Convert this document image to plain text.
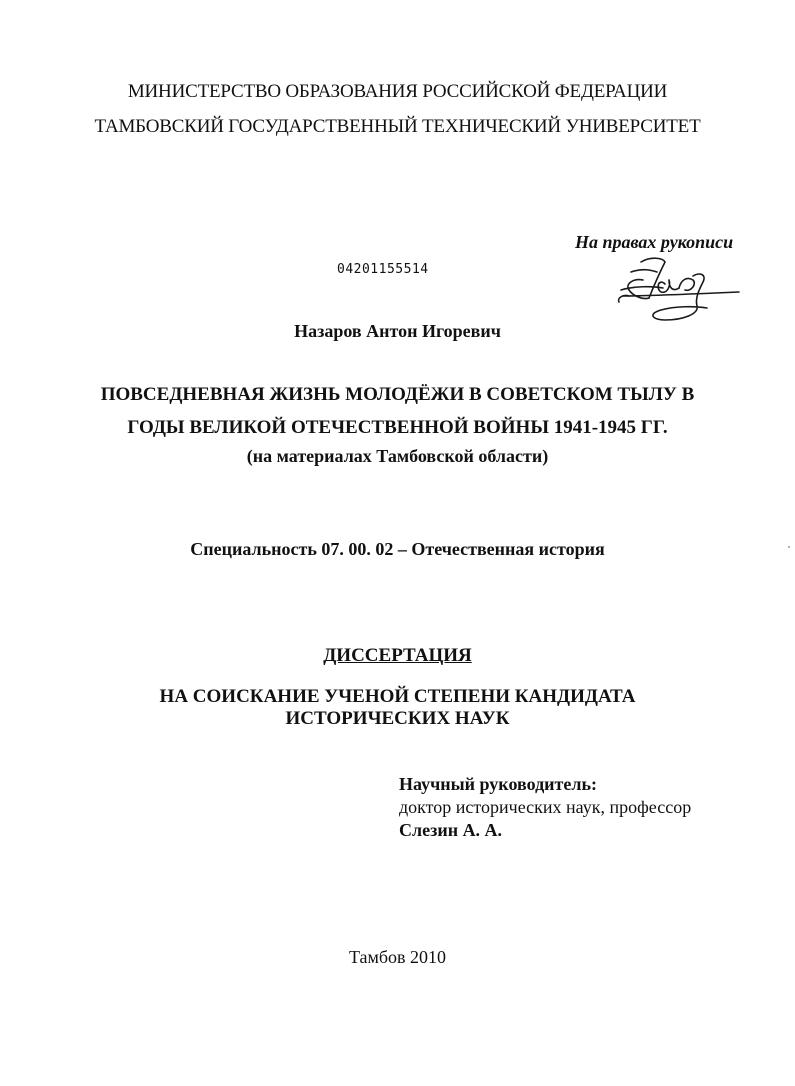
МИНИСТЕРСТВО ОБРАЗОВАНИЯ РОССИЙСКОЙ ФЕДЕРАЦИИ
ТАМБОВСКИЙ ГОСУДАРСТВЕННЫЙ ТЕХНИЧЕСКИЙ УНИВЕРСИТЕТ
На правах рукописи
04201155514
Назаров Антон Игоревич
ПОВСЕДНЕВНАЯ ЖИЗНЬ МОЛОДЁЖИ В СОВЕТСКОМ ТЫЛУ В
ГОДЫ ВЕЛИКОЙ ОТЕЧЕСТВЕННОЙ ВОЙНЫ 1941-1945 ГГ.
(на материалах Тамбовской области)
Специальность 07. 00. 02 – Отечественная история
ДИССЕРТАЦИЯ
НА СОИСКАНИЕ УЧЕНОЙ СТЕПЕНИ КАНДИДАТА
ИСТОРИЧЕСКИХ НАУК
Научный руководитель:
доктор исторических наук, профессор
Слезин А. А.
Тамбов 2010
